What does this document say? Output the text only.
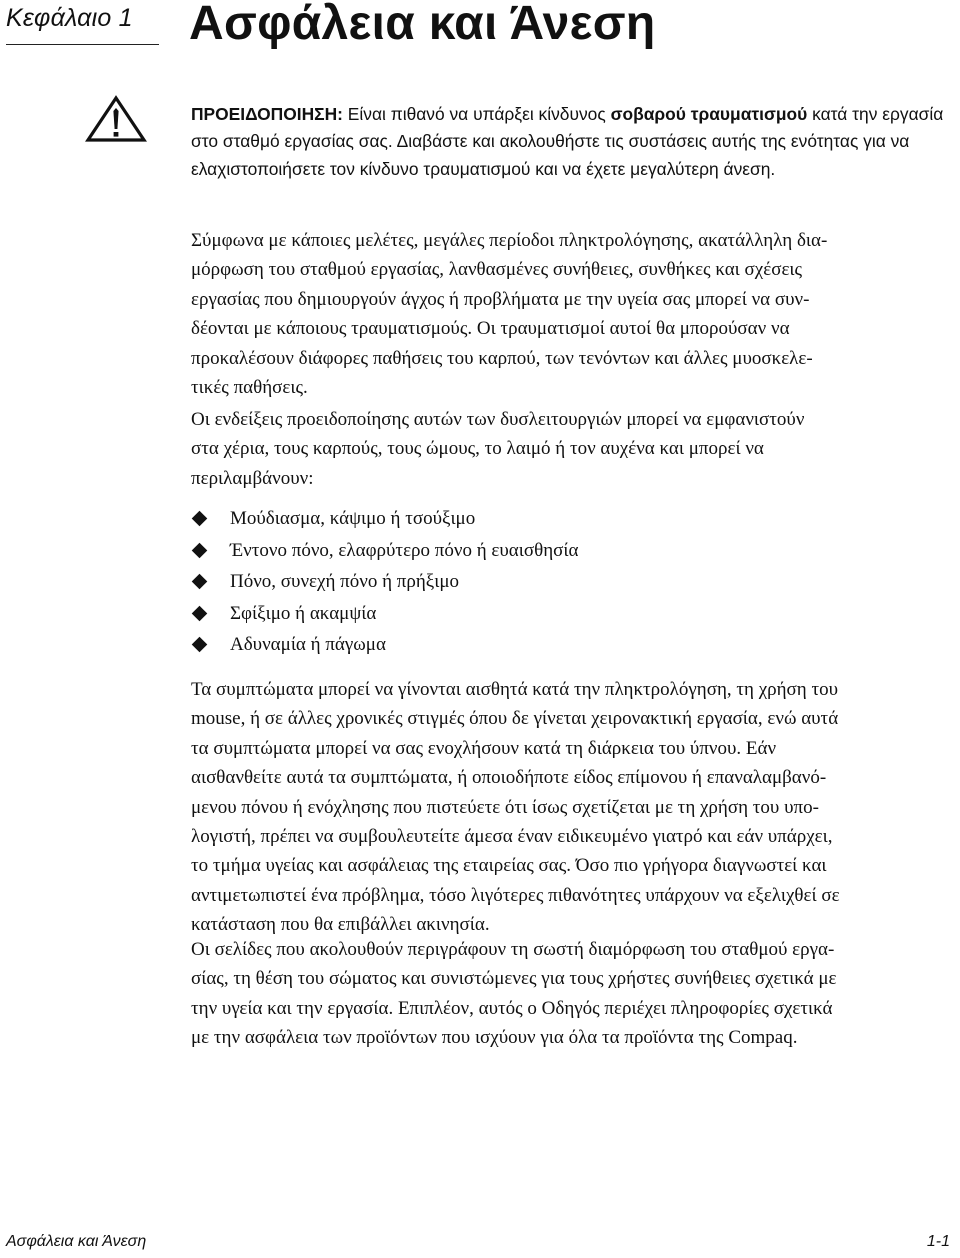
Κεφάλαιο 1 Ασφάλεια και Άνεση

ΠΡΟΕΙΔΟΠΟΙΗΣΗ: Είναι πιθανό να υπάρξει κίνδυνος σοβαρού τραυματισμού κατά την εργασία στο σταθμό εργασίας σας. Διαβάστε και ακολουθήστε τις συστάσεις αυτής της ενότητας για να ελαχιστοποιήσετε τον κίνδυνο τραυματισμού και να έχετε μεγαλύτερη άνεση.

Σύμφωνα με κάποιες μελέτες, μεγάλες περίοδοι πληκτρολόγησης, ακατάλληλη δια-
μόρφωση του σταθμού εργασίας, λανθασμένες συνήθειες, συνθήκες και σχέσεις
εργασίας που δημιουργούν άγχος ή προβλήματα με την υγεία σας μπορεί να συν-
δέονται με κάποιους τραυματισμούς. Οι τραυματισμοί αυτοί θα μπορούσαν να
προκαλέσουν διάφορες παθήσεις του καρπού, των τενόντων και άλλες μυοσκελε-
τικές παθήσεις.

Οι ενδείξεις προειδοποίησης αυτών των δυσλειτουργιών μπορεί να εμφανιστούν
στα χέρια, τους καρπούς, τους ώμους, το λαιμό ή τον αυχένα και μπορεί να
περιλαμβάνουν:

Μούδιασμα, κάψιμο ή τσούξιμο
Έντονο πόνο, ελαφρύτερο πόνο ή ευαισθησία
Πόνο, συνεχή πόνο ή πρήξιμο
Σφίξιμο ή ακαμψία
Αδυναμία ή πάγωμα

Τα συμπτώματα μπορεί να γίνονται αισθητά κατά την πληκτρολόγηση, τη χρήση του
mouse, ή σε άλλες χρονικές στιγμές όπου δε γίνεται χειρονακτική εργασία, ενώ αυτά
τα συμπτώματα μπορεί να σας ενοχλήσουν κατά τη διάρκεια του ύπνου. Εάν
αισθανθείτε αυτά τα συμπτώματα, ή οποιοδήποτε είδος επίμονου ή επαναλαμβανό-
μενου πόνου ή ενόχλησης που πιστεύετε ότι ίσως σχετίζεται με τη χρήση του υπο-
λογιστή, πρέπει να συμβουλευτείτε άμεσα έναν ειδικευμένο γιατρό και εάν υπάρχει,
το τμήμα υγείας και ασφάλειας της εταιρείας σας. Όσο πιο γρήγορα διαγνωστεί και
αντιμετωπιστεί ένα πρόβλημα, τόσο λιγότερες πιθανότητες υπάρχουν να εξελιχθεί σε
κατάσταση που θα επιβάλλει ακινησία.

Οι σελίδες που ακολουθούν περιγράφουν τη σωστή διαμόρφωση του σταθμού εργα-
σίας, τη θέση του σώματος και συνιστώμενες για τους χρήστες συνήθειες σχετικά με
την υγεία και την εργασία. Επιπλέον, αυτός ο Οδηγός περιέχει πληροφορίες σχετικά
με την ασφάλεια των προϊόντων που ισχύουν για όλα τα προϊόντα της Compaq.

Ασφάλεια και Άνεση	1-1
